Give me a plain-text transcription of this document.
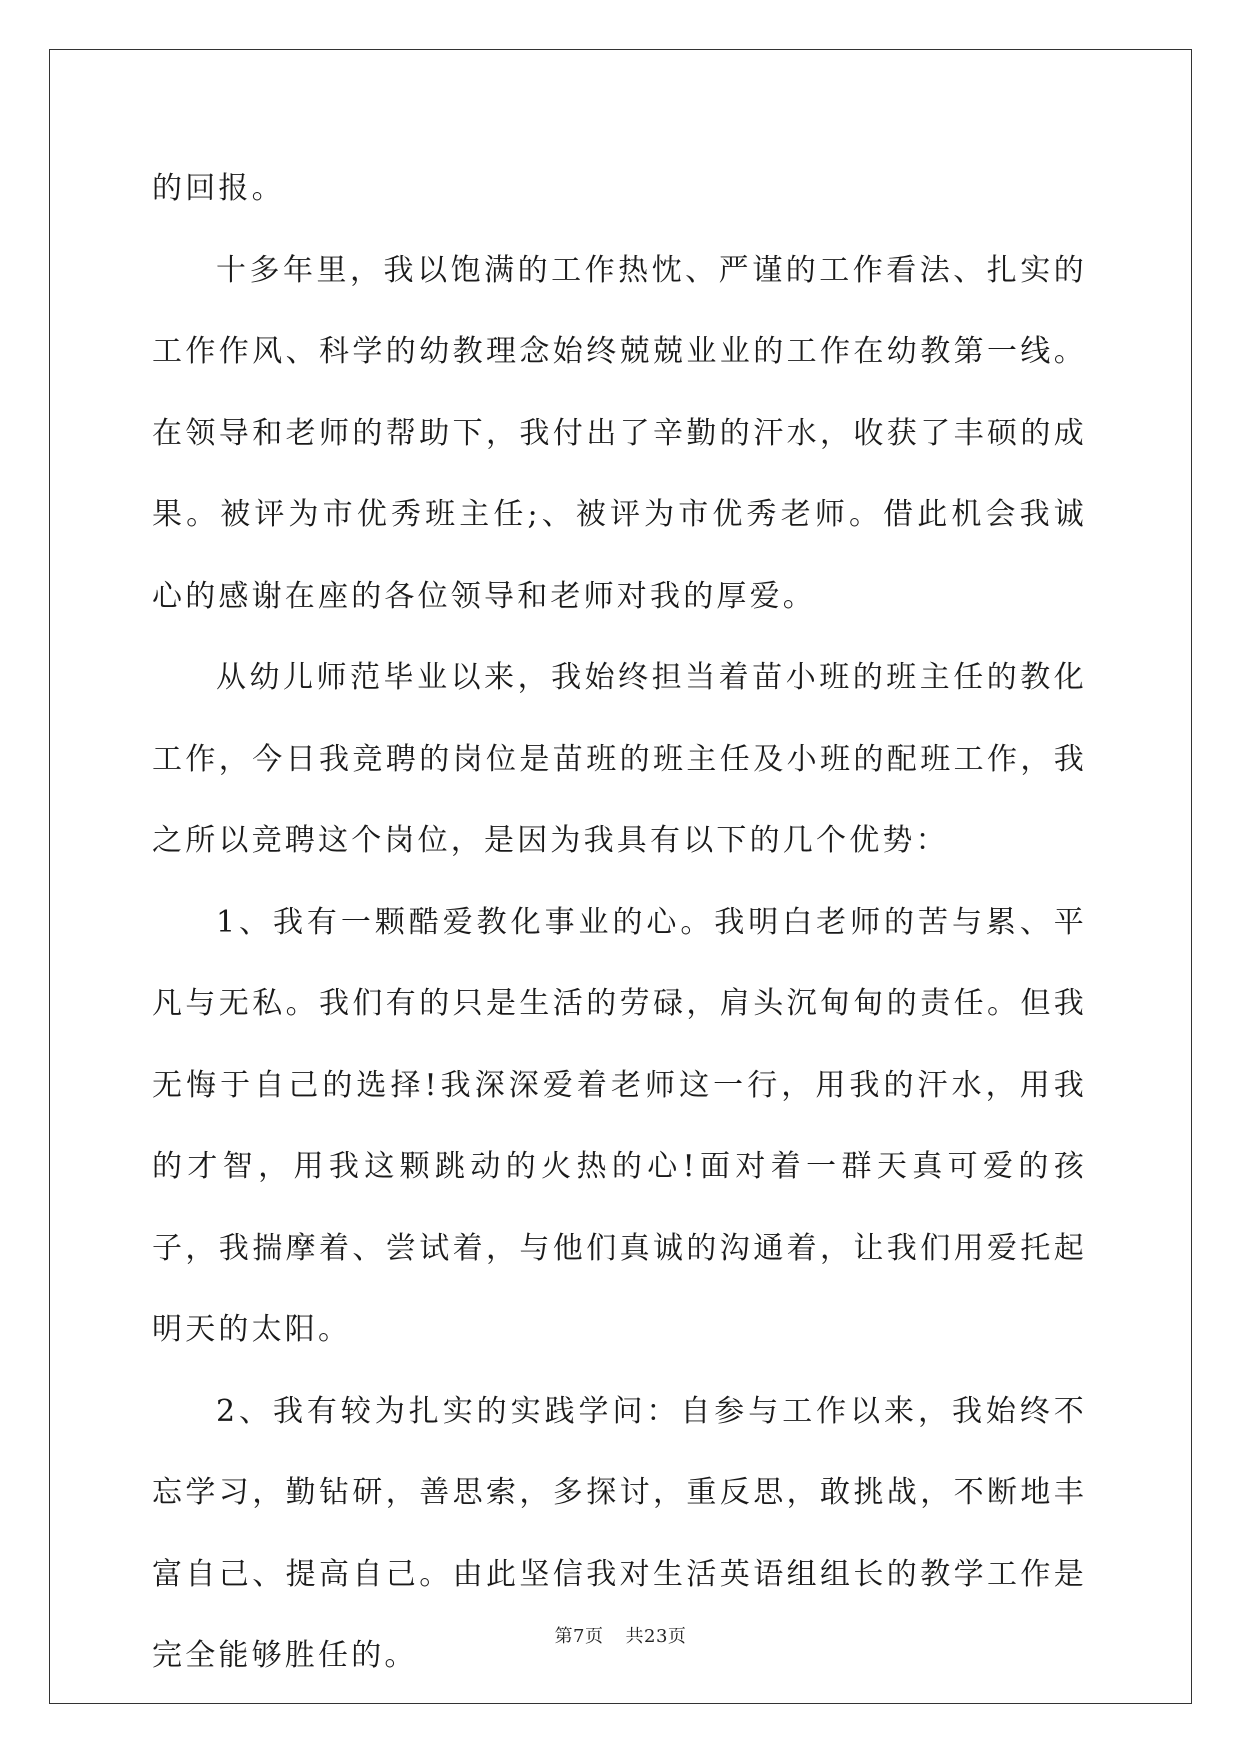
的回报。

十多年里，我以饱满的工作热忱、严谨的工作看法、扎实的工作作风、科学的幼教理念始终兢兢业业的工作在幼教第一线。在领导和老师的帮助下，我付出了辛勤的汗水，收获了丰硕的成果。被评为市优秀班主任;、被评为市优秀老师。借此机会我诚心的感谢在座的各位领导和老师对我的厚爱。

从幼儿师范毕业以来，我始终担当着苗小班的班主任的教化工作，今日我竞聘的岗位是苗班的班主任及小班的配班工作，我之所以竞聘这个岗位，是因为我具有以下的几个优势：

1、我有一颗酷爱教化事业的心。我明白老师的苦与累、平凡与无私。我们有的只是生活的劳碌，肩头沉甸甸的责任。但我无悔于自己的选择!我深深爱着老师这一行，用我的汗水，用我的才智，用我这颗跳动的火热的心!面对着一群天真可爱的孩子，我揣摩着、尝试着，与他们真诚的沟通着，让我们用爱托起明天的太阳。

2、我有较为扎实的实践学问：自参与工作以来，我始终不忘学习，勤钻研，善思索，多探讨，重反思，敢挑战，不断地丰富自己、提高自己。由此坚信我对生活英语组组长的教学工作是完全能够胜任的。

第7页 共23页
